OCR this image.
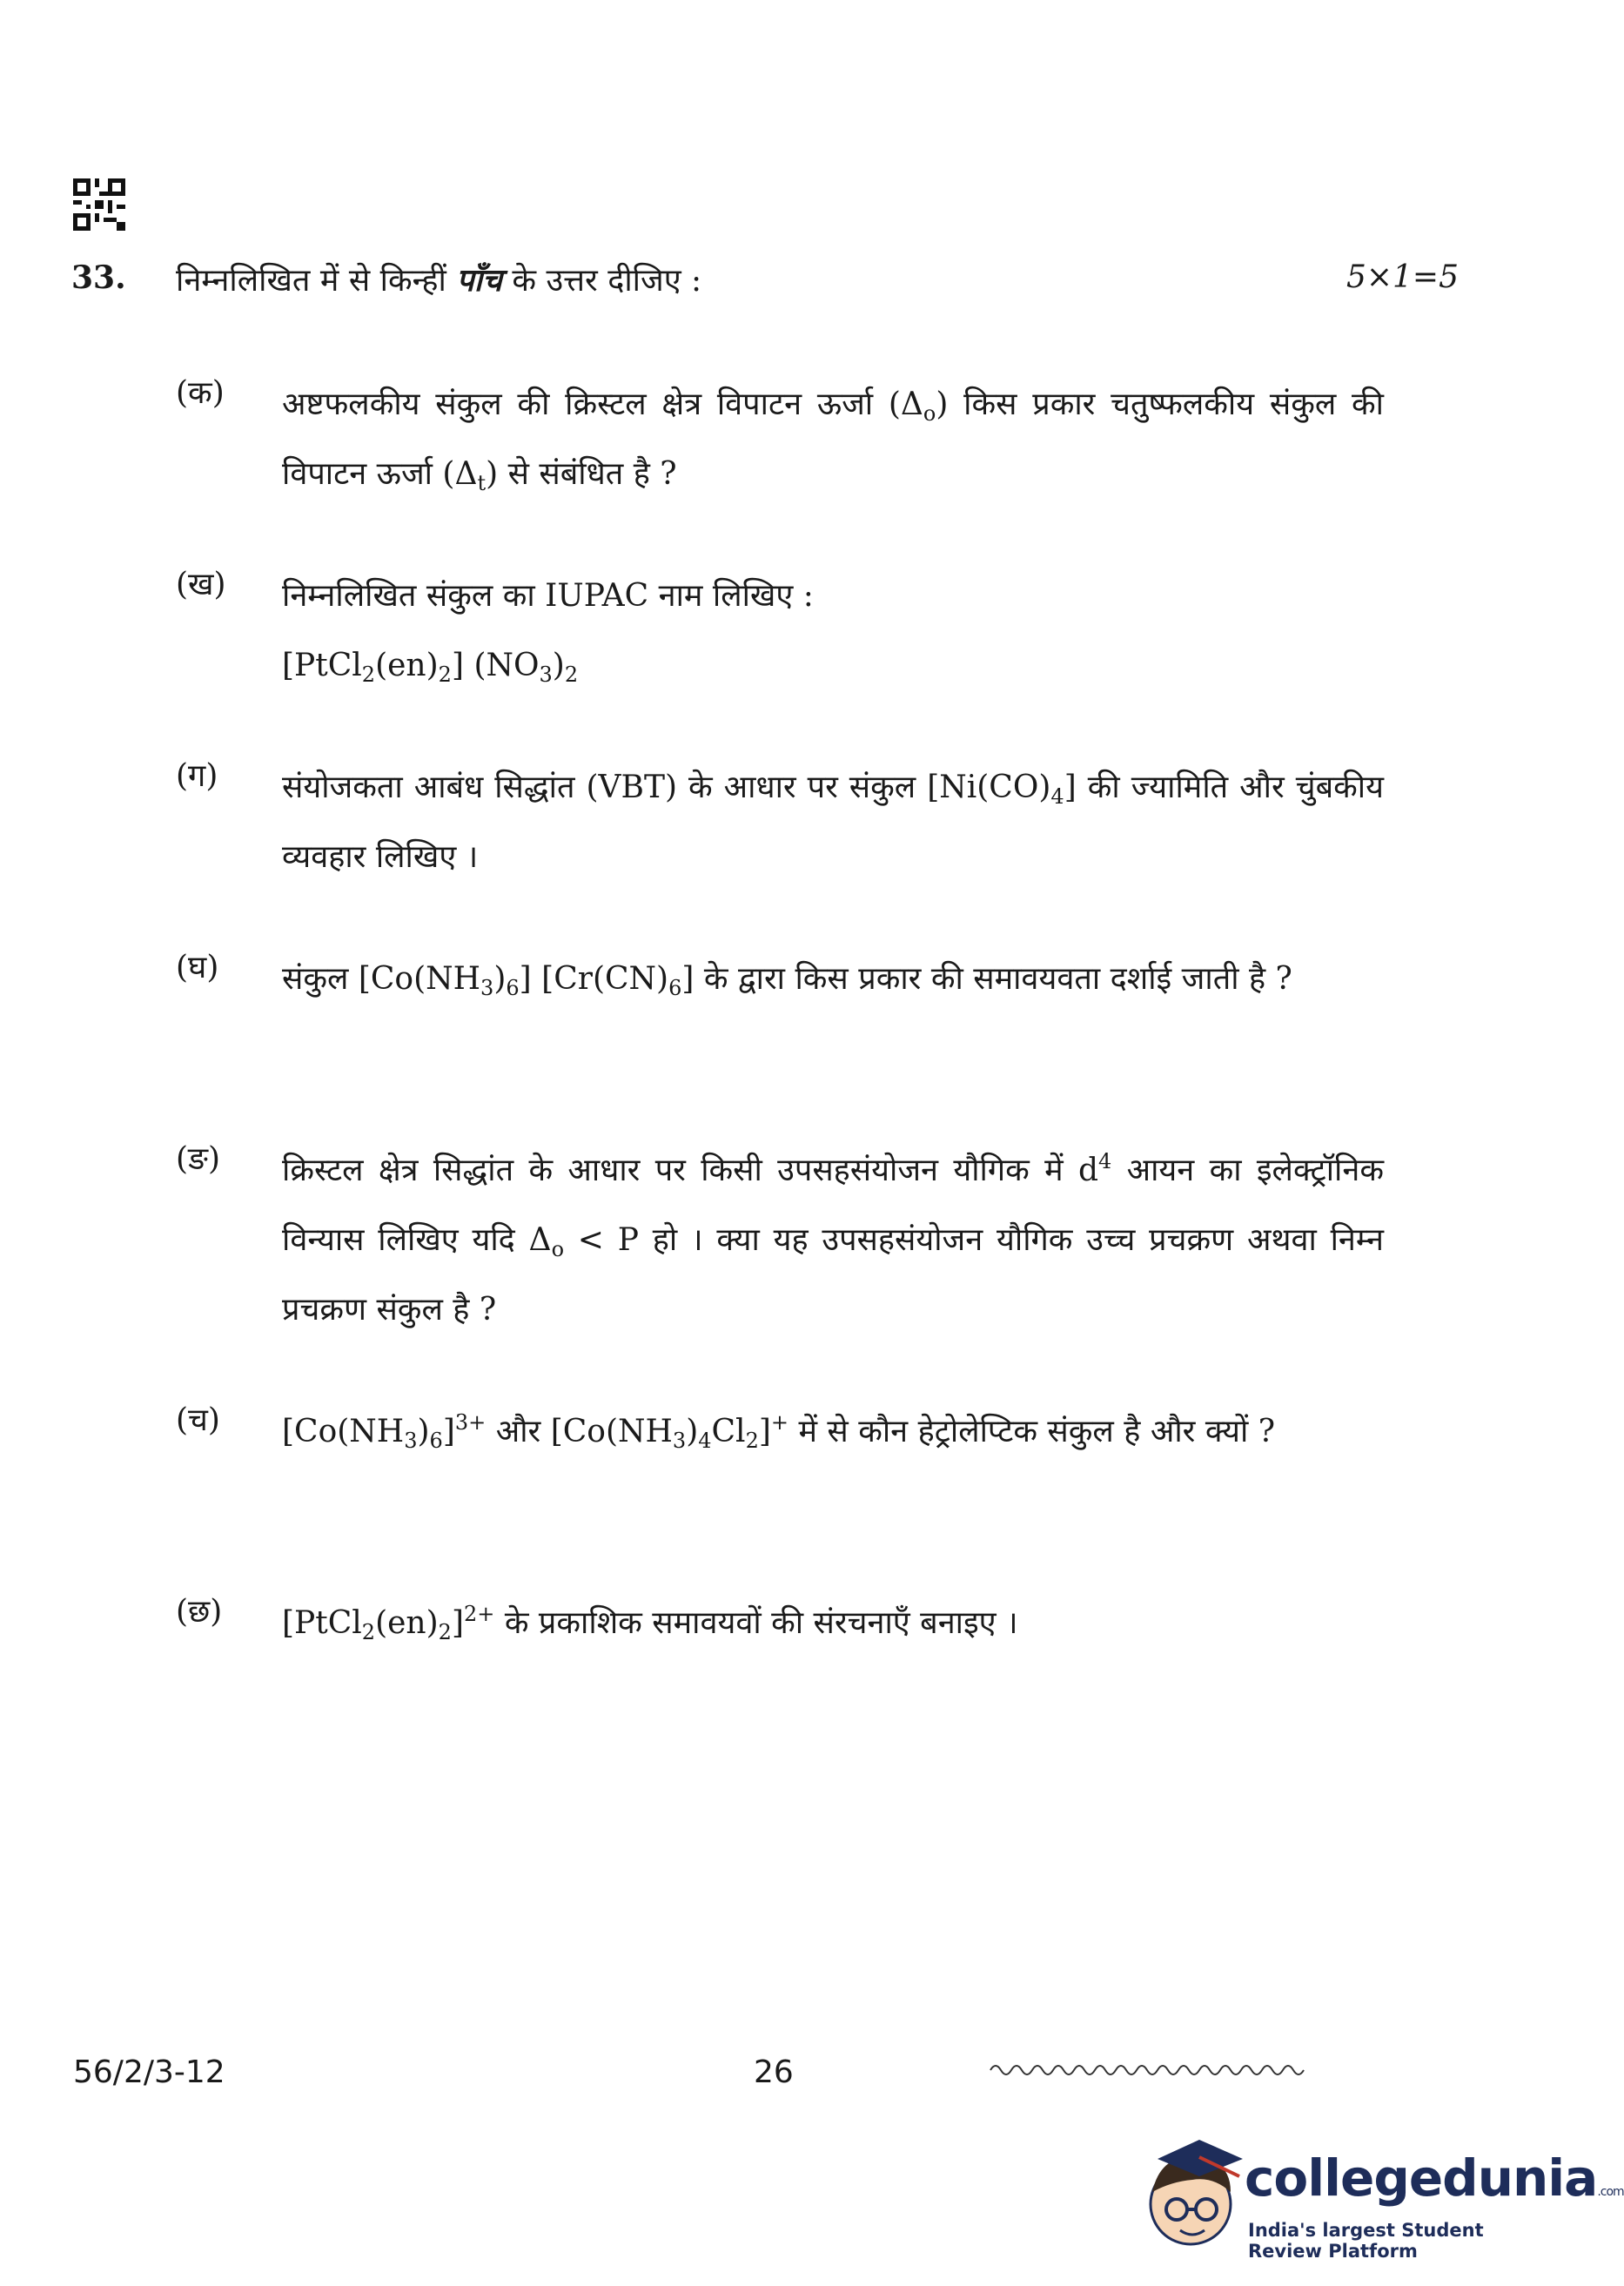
33. निम्नलिखित में से किन्हीं पाँच के उत्तर दीजिए :	5×1=5
(क)	अष्टफलकीय संकुल की क्रिस्टल क्षेत्र विपाटन ऊर्जा $(\Delta_o)$ किस प्रकार चतुष्फलकीय संकुल की विपाटन ऊर्जा $(\Delta_t)$ से संबंधित है ?
(ख)	निम्नलिखित संकुल का IUPAC नाम लिखिए :

$[PtCl_2(en)_2]$ $(NO_3)_2$

(ग)	संयोजकता आबंध सिद्धांत (VBT) के आधार पर संकुल $[Ni(CO)_4]$ की ज्यामिति और चुंबकीय व्यवहार लिखिए ।
(घ)	संकुल $[Co(NH_3)_6]$ $[Cr(CN)_6]$ के द्वारा किस प्रकार की समावयवता दर्शाई जाती है ?
(ङ)	क्रिस्टल क्षेत्र सिद्धांत के आधार पर किसी उपसहसंयोजन यौगिक में $d^4$ आयन का इलेक्ट्रॉनिक विन्यास लिखिए यदि $\Delta_o < P$ हो । क्या यह उपसहसंयोजन यौगिक उच्च प्रचक्रण अथवा निम्न प्रचक्रण संकुल है ?
(च)	$[Co(NH_3)_6]^{3+}$ और $[Co(NH_3)_4Cl_2]^+$ में से कौन हेट्रोलेप्टिक संकुल है और क्यों ?
(छ)	$[PtCl_2(en)_2]^{2+}$ के प्रकाशिक समावयवों की संरचनाएँ बनाइए ।
56/2/3-12	26
collegedunia.com
India's largest Student Review Platform
